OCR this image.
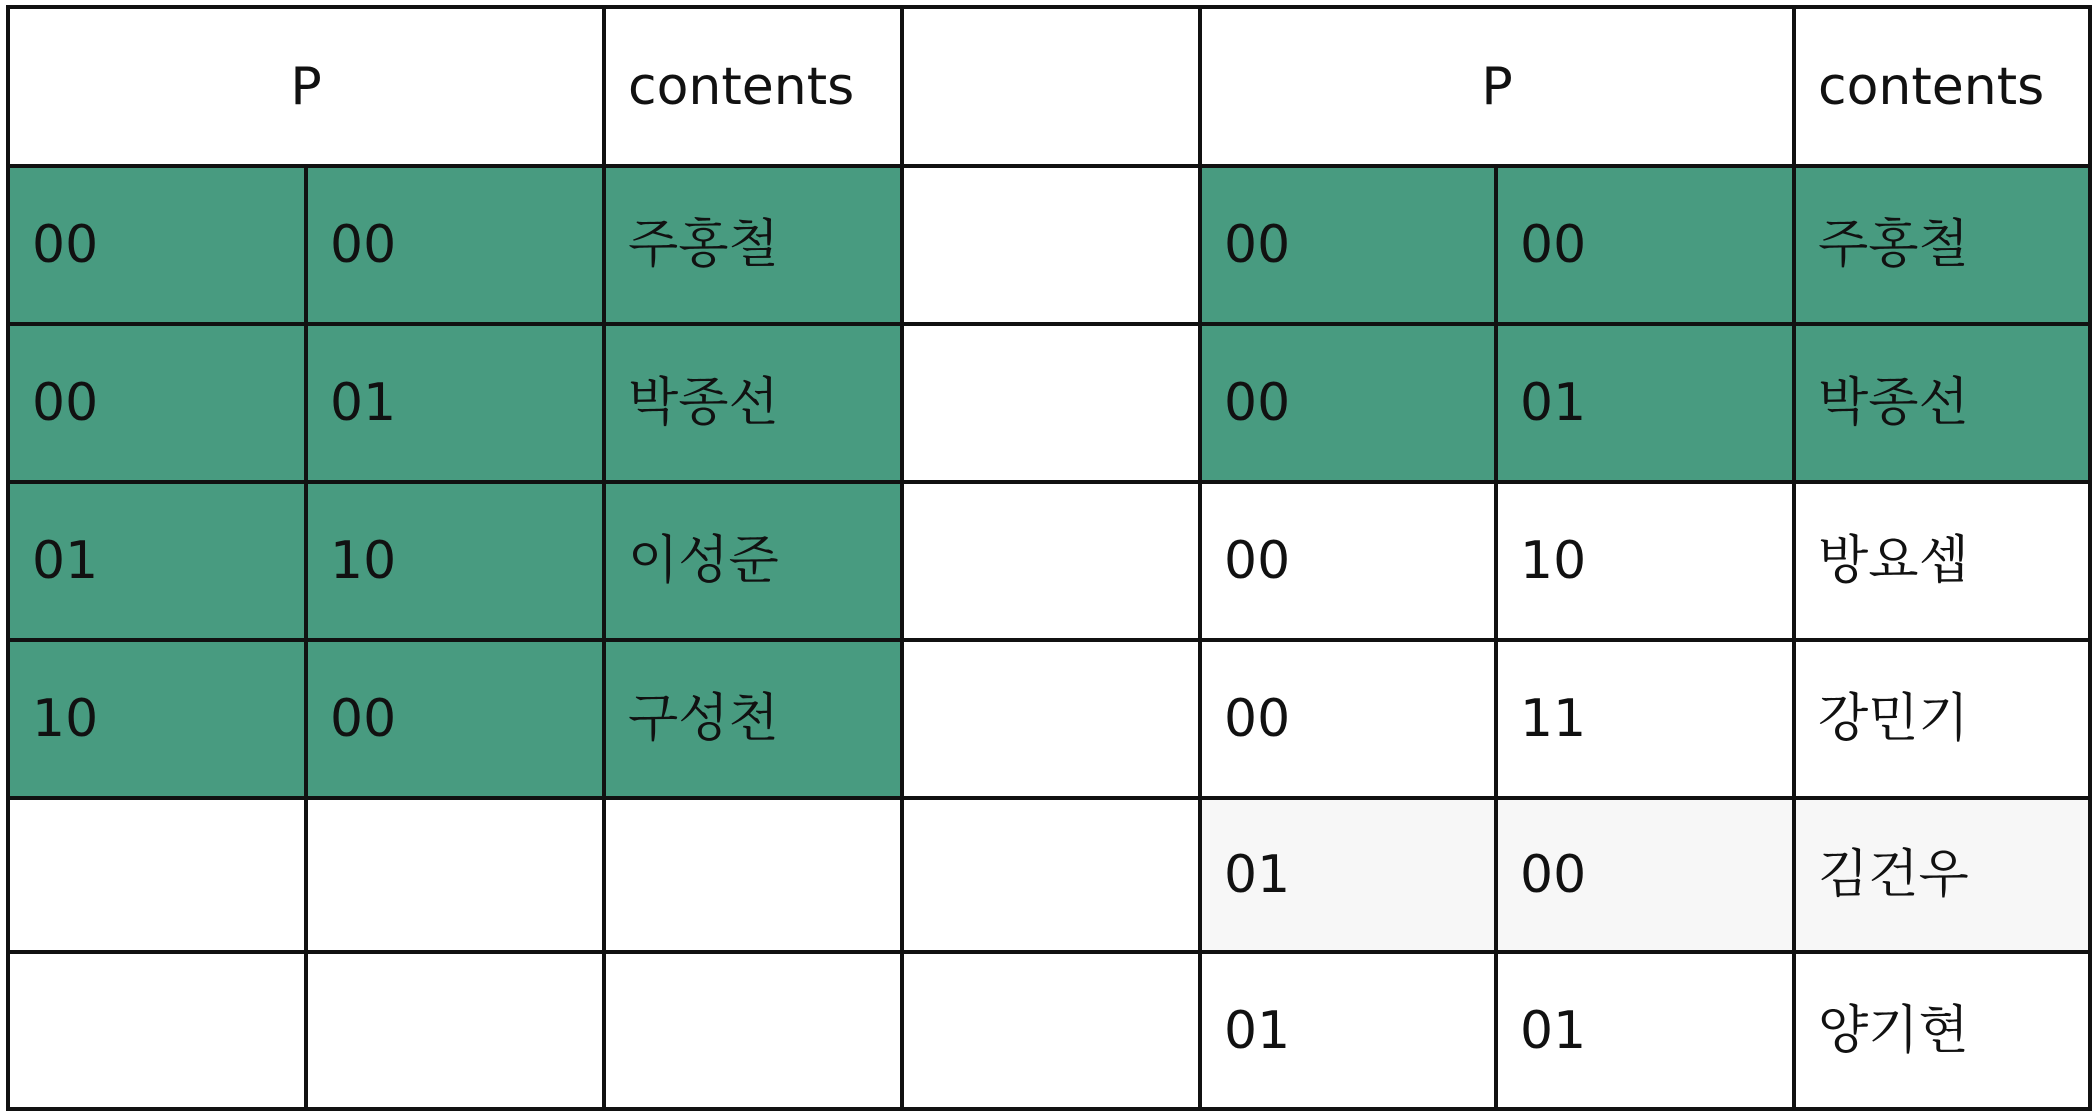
P		contents		P		contents
00	00	주홍철		00	00	주홍철
00	01	박종선		00	01	박종선
01	10	이성준		00	10	방요셉
10	00	구성천		00	11	강민기
				01	00	김건우
				01	01	양기현
